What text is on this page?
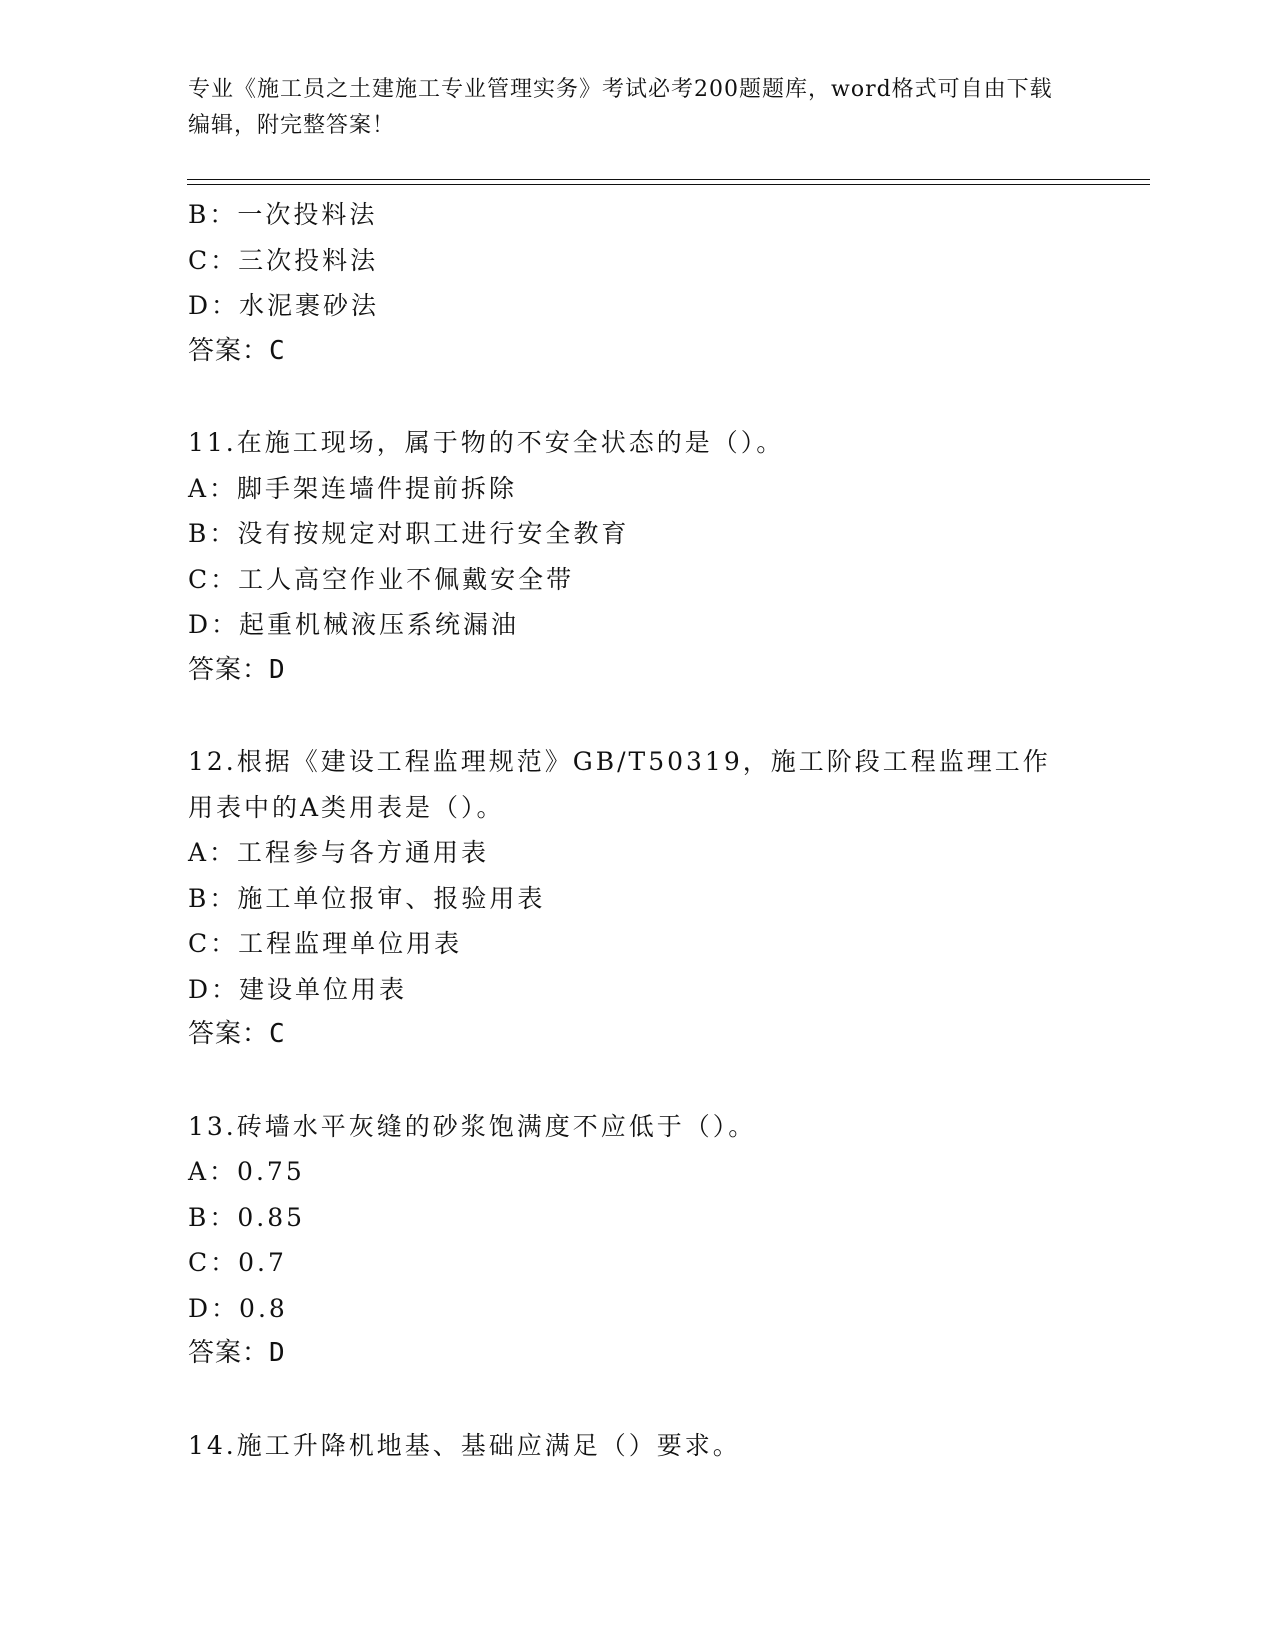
专业《施工员之土建施工专业管理实务》考试必考200题题库，word格式可自由下载编辑，附完整答案！
B：一次投料法
C：三次投料法
D：水泥裹砂法
答案：C
11.在施工现场，属于物的不安全状态的是（）。
A：脚手架连墙件提前拆除
B：没有按规定对职工进行安全教育
C：工人高空作业不佩戴安全带
D：起重机械液压系统漏油
答案：D
12.根据《建设工程监理规范》GB/T50319，施工阶段工程监理工作用表中的A类用表是（）。
A：工程参与各方通用表
B：施工单位报审、报验用表
C：工程监理单位用表
D：建设单位用表
答案：C
13.砖墙水平灰缝的砂浆饱满度不应低于（）。
A：0.75
B：0.85
C：0.7
D：0.8
答案：D
14.施工升降机地基、基础应满足（）要求。
